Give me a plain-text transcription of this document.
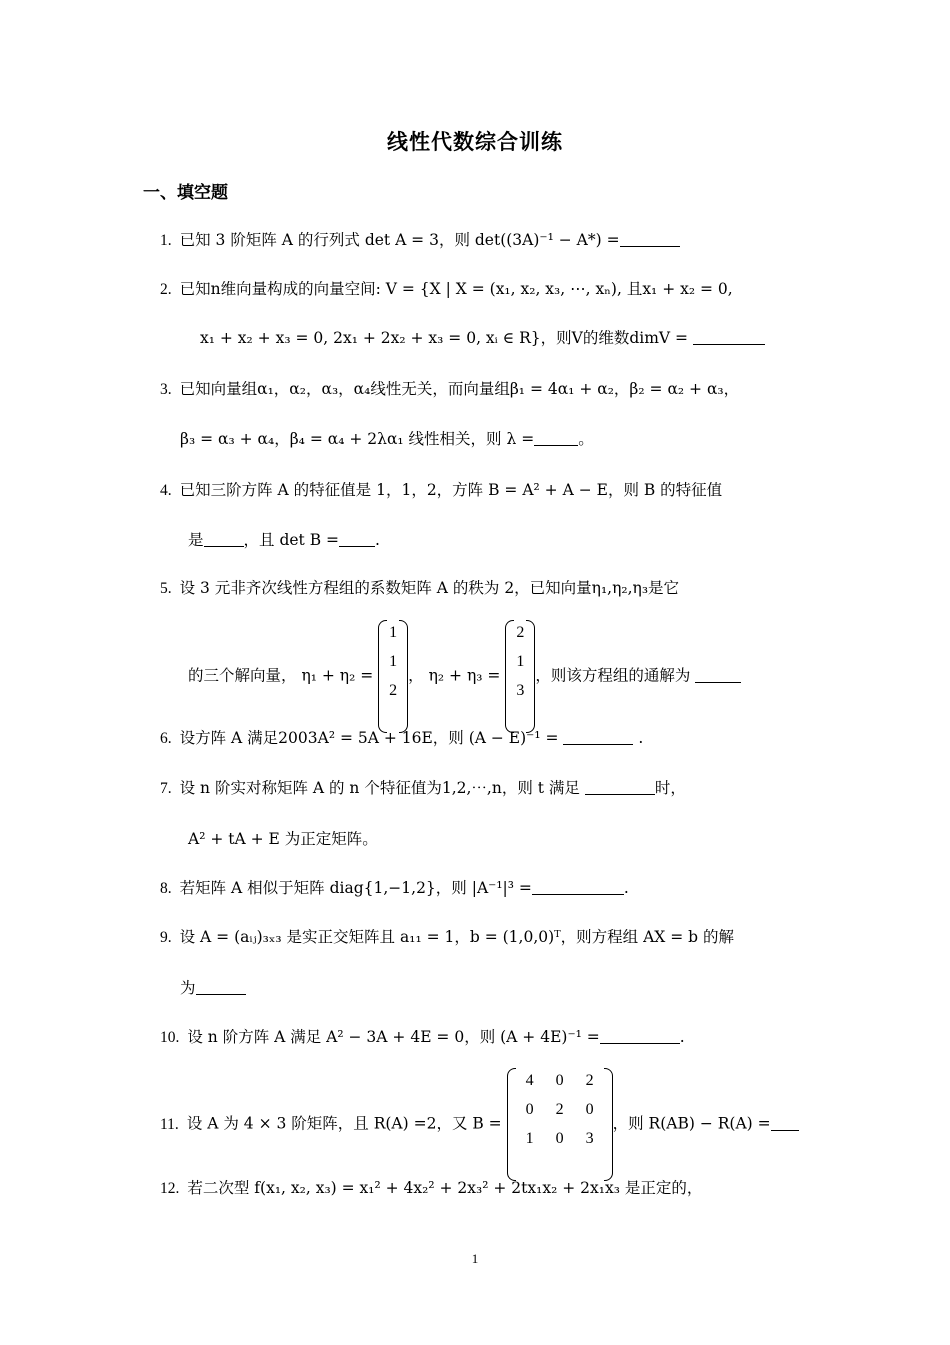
线性代数综合训练
一、填空题
1. 已知 3 阶矩阵 A 的行列式 det A = 3，则 det((3A)⁻¹ − A*) =
2. 已知n维向量构成的向量空间: V = {X | X = (x₁, x₂, x₃, ⋯, xₙ), 且x₁ + x₂ = 0,
x₁ + x₂ + x₃ = 0, 2x₁ + 2x₂ + x₃ = 0, xᵢ ∈ R}，则V的维数dimV =
3. 已知向量组α₁，α₂，α₃，α₄线性无关，而向量组β₁ = 4α₁ + α₂，β₂ = α₂ + α₃，
β₃ = α₃ + α₄，β₄ = α₄ + 2λα₁ 线性相关，则 λ =	。
4. 已知三阶方阵 A 的特征值是 1，1，2，方阵 B = A² + A − E，则 B 的特征值
是	，且 det B = .
5. 设 3 元非齐次线性方程组的系数矩阵 A 的秩为 2，已知向量η₁,η₂,η₃是它
的三个解向量， η₁ + η₂ =
1
1
2
， η₂ + η₃ =
2
1
3
，则该方程组的通解为
6. 设方阵 A 满足2003A² = 5A + 16E，则 (A − E)⁻¹ =	.
7. 设 n 阶实对称矩阵 A 的 n 个特征值为1,2,⋯,n，则 t 满足	时，
A² + tA + E 为正定矩阵。
8. 若矩阵 A 相似于矩阵 diag{1,−1,2}，则 |A⁻¹|³ =	.
9. 设 A = (aᵢⱼ)₃ₓ₃ 是实正交矩阵且 a₁₁ = 1，b = (1,0,0)ᵀ，则方程组 AX = b 的解
为
10. 设 n 阶方阵 A 满足 A² − 3A + 4E = 0，则 (A + 4E)⁻¹ =	.
11. 设 A 为 4 × 3 阶矩阵，且 R(A) =2，又 B =
4 0 2
0 2 0
1 0 3
，则 R(AB) − R(A) =
12. 若二次型 f(x₁, x₂, x₃) = x₁² + 4x₂² + 2x₃² + 2tx₁x₂ + 2x₁x₃ 是正定的，
1
